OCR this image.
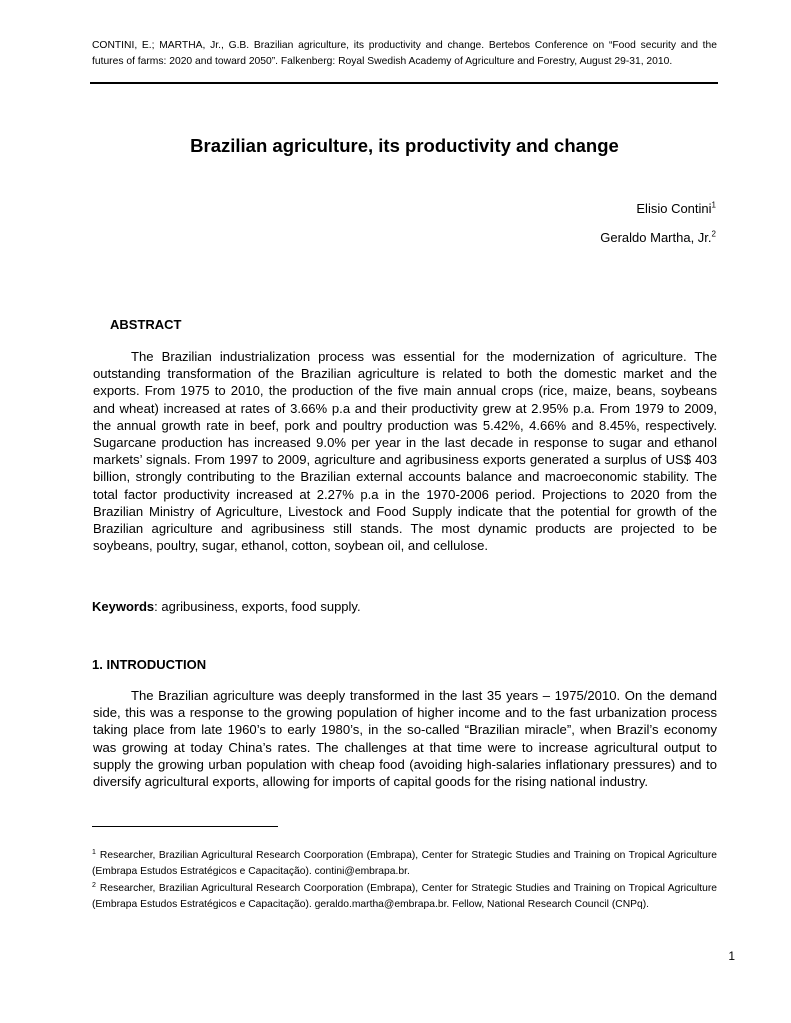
CONTINI, E.; MARTHA, Jr., G.B. Brazilian agriculture, its productivity and change. Bertebos Conference on “Food security and the futures of farms: 2020 and toward 2050”. Falkenberg: Royal Swedish Academy of Agriculture and Forestry, August 29-31, 2010.

Brazilian agriculture, its productivity and change
Elisio Contini$^1$
Geraldo Martha, Jr.$^2$
ABSTRACT

The Brazilian industrialization process was essential for the modernization of agriculture. The outstanding transformation of the Brazilian agriculture is related to both the domestic market and the exports. From 1975 to 2010, the production of the five main annual crops (rice, maize, beans, soybeans and wheat) increased at rates of 3.66% p.a and their productivity grew at 2.95% p.a. From 1979 to 2009, the annual growth rate in beef, pork and poultry production was 5.42%, 4.66% and 8.45%, respectively. Sugarcane production has increased 9.0% per year in the last decade in response to sugar and ethanol markets’ signals. From 1997 to 2009, agriculture and agribusiness exports generated a surplus of US$ 403 billion, strongly contributing to the Brazilian external accounts balance and macroeconomic stability. The total factor productivity increased at 2.27% p.a in the 1970-2006 period. Projections to 2020 from the Brazilian Ministry of Agriculture, Livestock and Food Supply indicate that the potential for growth of the Brazilian agriculture and agribusiness still stands. The most dynamic products are projected to be soybeans, poultry, sugar, ethanol, cotton, soybean oil, and cellulose.

Keywords: agribusiness, exports, food supply.

1. INTRODUCTION

The Brazilian agriculture was deeply transformed in the last 35 years – 1975/2010. On the demand side, this was a response to the growing population of higher income and to the fast urbanization process taking place from late 1960’s to early 1980’s, in the so-called “Brazilian miracle”, when Brazil’s economy was growing at today China’s rates. The challenges at that time were to increase agricultural output to supply the growing urban population with cheap food (avoiding high-salaries inflationary pressures) and to diversify agricultural exports, allowing for imports of capital goods for the rising national industry.

$^1$ Researcher, Brazilian Agricultural Research Coorporation (Embrapa), Center for Strategic Studies and Training on Tropical Agriculture (Embrapa Estudos Estratégicos e Capacitação). contini@embrapa.br.

$^2$ Researcher, Brazilian Agricultural Research Coorporation (Embrapa), Center for Strategic Studies and Training on Tropical Agriculture (Embrapa Estudos Estratégicos e Capacitação). geraldo.martha@embrapa.br. Fellow, National Research Council (CNPq).

1
